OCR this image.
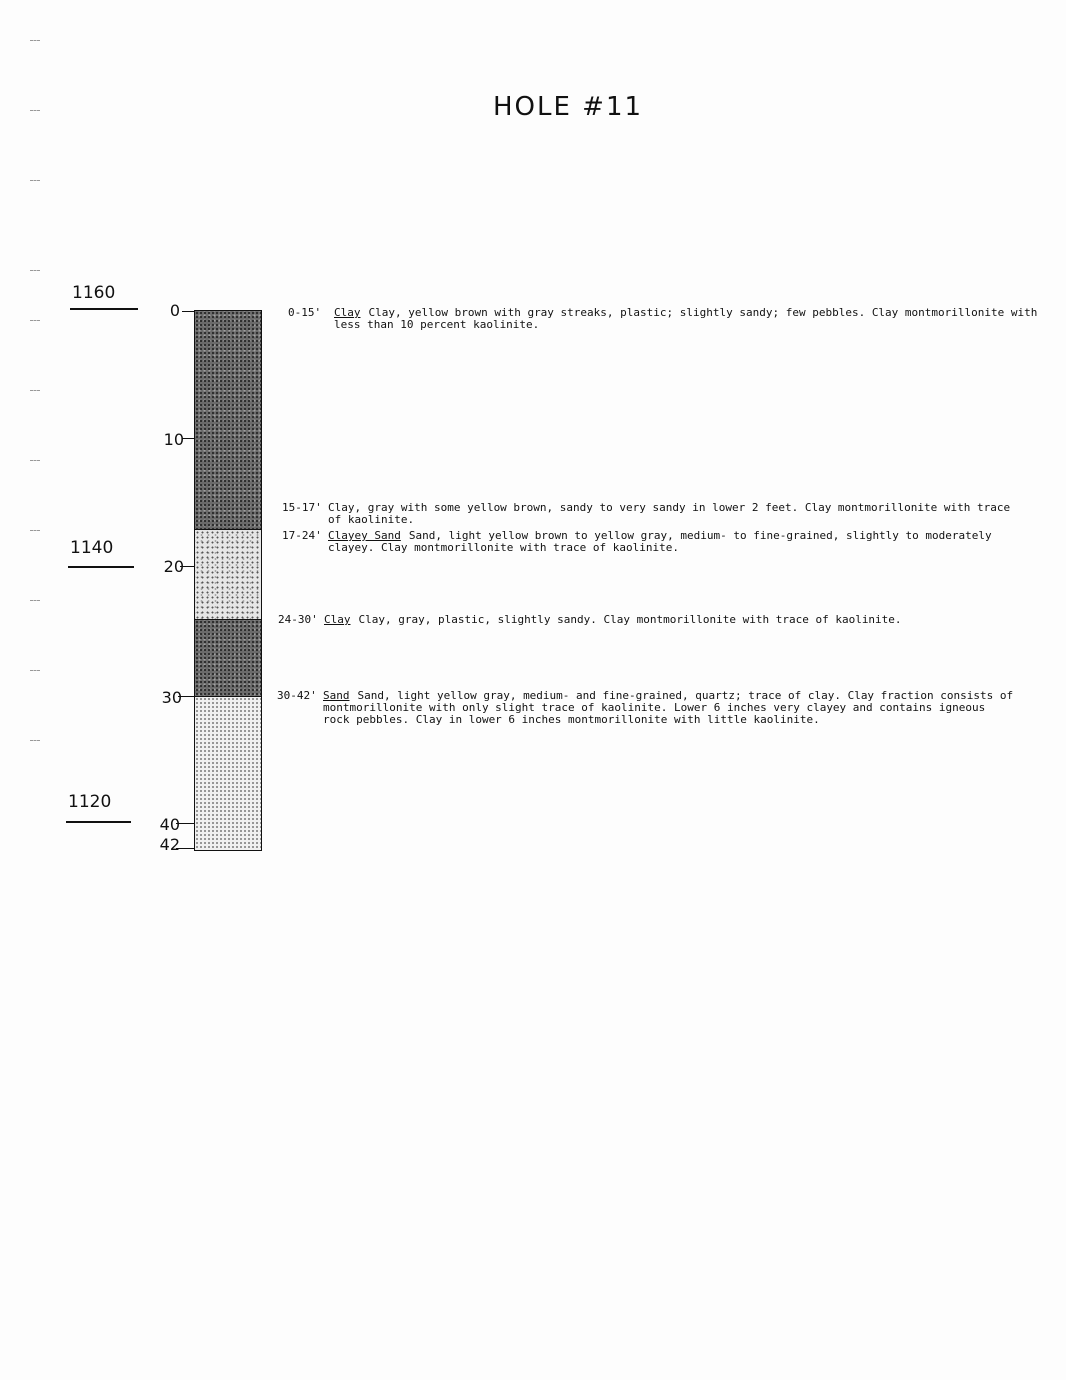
HOLE #11
1160
1140
1120
0
10
20
30
40
42
0-15' Clay Clay, yellow brown with gray streaks, plastic; slightly sandy; few pebbles. Clay montmorillonite with
less than 10 percent kaolinite.
15-17' Clay, gray with some yellow brown, sandy to very sandy in lower 2 feet. Clay montmorillonite with trace
of kaolinite.
17-24' Clayey Sand Sand, light yellow brown to yellow gray, medium- to fine-grained, slightly to moderately
clayey. Clay montmorillonite with trace of kaolinite.
24-30' Clay Clay, gray, plastic, slightly sandy. Clay montmorillonite with trace of kaolinite.
30-42' Sand Sand, light yellow gray, medium- and fine-grained, quartz; trace of clay. Clay fraction consists of
montmorillonite with only slight trace of kaolinite. Lower 6 inches very clayey and contains igneous
rock pebbles. Clay in lower 6 inches montmorillonite with little kaolinite.
